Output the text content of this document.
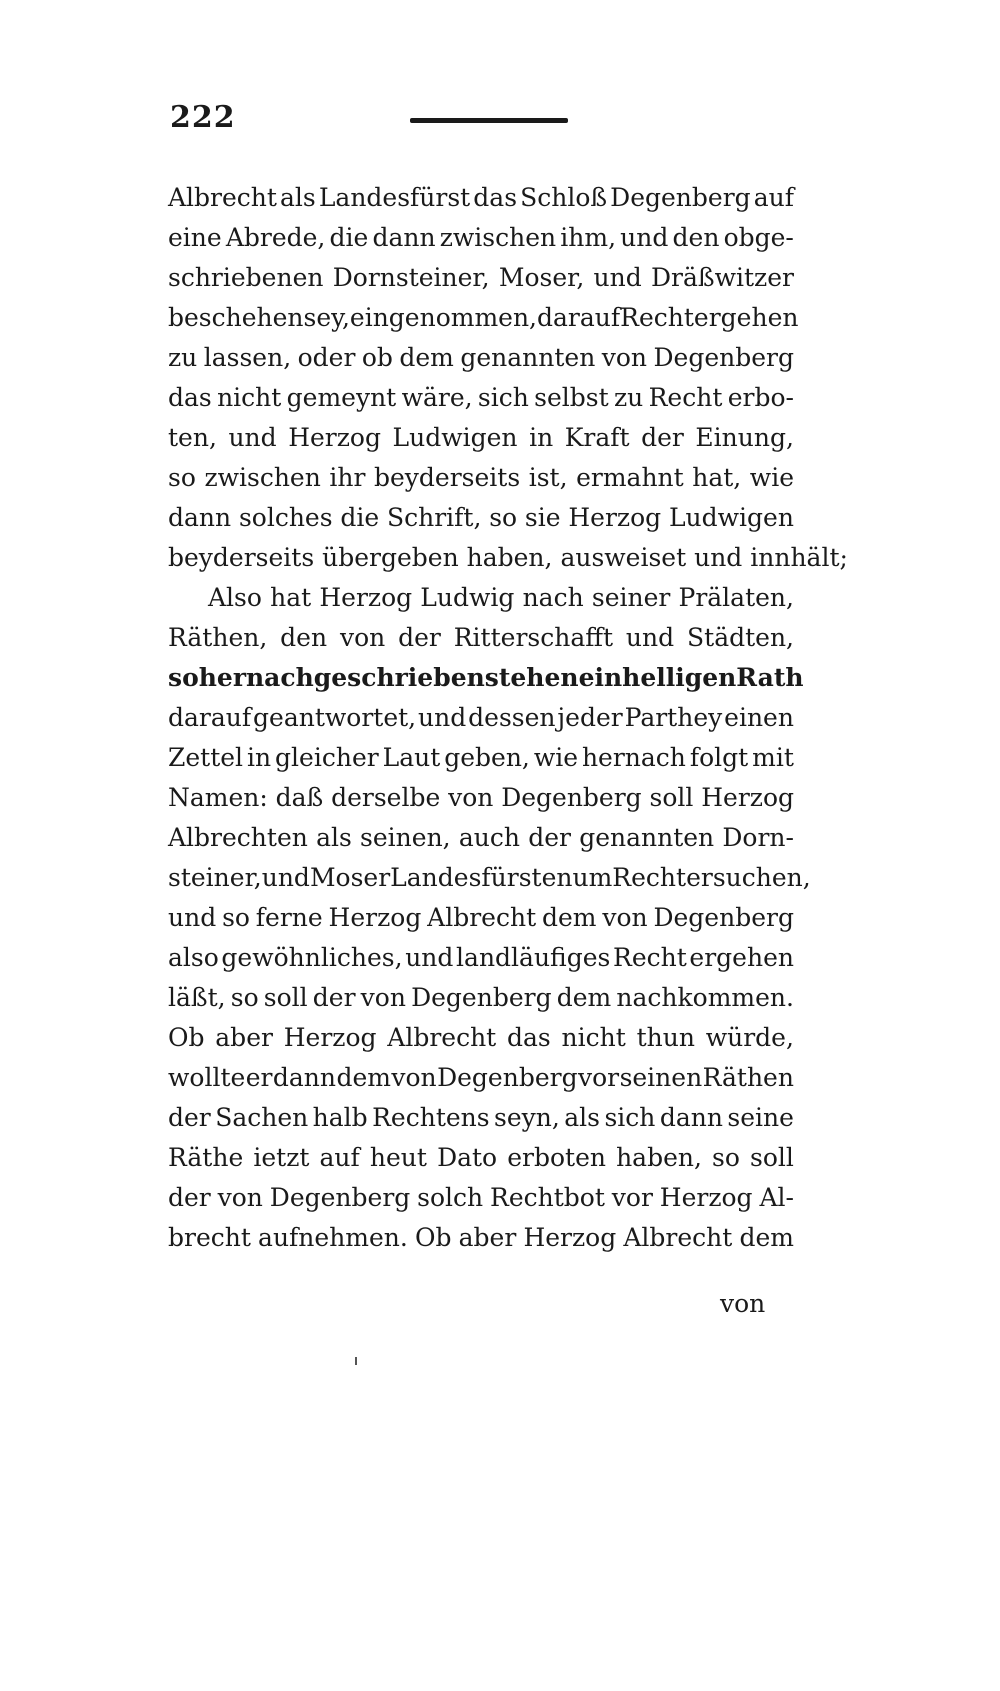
222
Albrecht als Landesfürst das Schloß Degenberg auf
eine Abrede, die dann zwischen ihm, und den obge-
schriebenen Dornsteiner, Moser, und Dräßwitzer
beschehen sey, eingenommen, darauf Recht ergehen
zu lassen, oder ob dem genannten von Degenberg
das nicht gemeynt wäre, sich selbst zu Recht erbo-
ten, und Herzog Ludwigen in Kraft der Einung,
so zwischen ihr beyderseits ist, ermahnt hat, wie
dann solches die Schrift, so sie Herzog Ludwigen
beyderseits übergeben haben, ausweiset und innhält;
Also hat Herzog Ludwig nach seiner Prälaten,
Räthen, den von der Ritterschafft und Städten,
so hernach geschrieben stehen einhelligen Rath
darauf geantwortet, und dessen jeder Parthey einen
Zettel in gleicher Laut geben, wie hernach folgt mit
Namen: daß derselbe von Degenberg soll Herzog
Albrechten als seinen, auch der genannten Dorn-
steiner, und Moser Landesfürsten um Recht ersuchen,
und so ferne Herzog Albrecht dem von Degenberg
also gewöhnliches, und landläufiges Recht ergehen
läßt, so soll der von Degenberg dem nachkommen.
Ob aber Herzog Albrecht das nicht thun würde,
wollte er dann dem von Degenberg vor seinen Räthen
der Sachen halb Rechtens seyn, als sich dann seine
Räthe ietzt auf heut Dato erboten haben, so soll
der von Degenberg solch Rechtbot vor Herzog Al-
brecht aufnehmen. Ob aber Herzog Albrecht dem
von
